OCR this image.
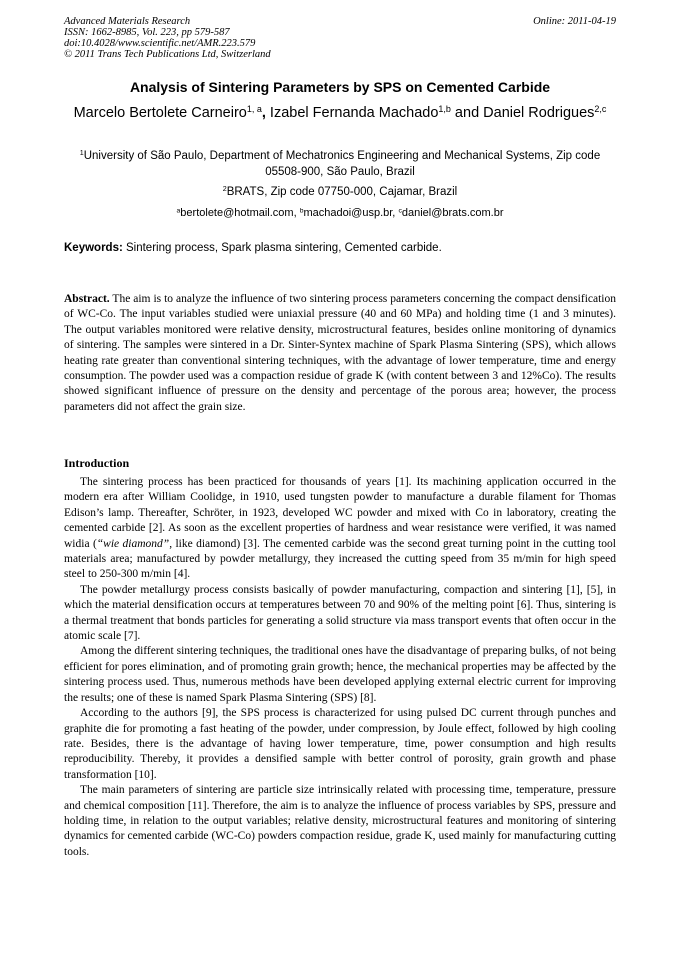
Advanced Materials Research
ISSN: 1662-8985, Vol. 223, pp 579-587
doi:10.4028/www.scientific.net/AMR.223.579
© 2011 Trans Tech Publications Ltd, Switzerland
Online: 2011-04-19
Analysis of Sintering Parameters by SPS on Cemented Carbide
Marcelo Bertolete Carneiro$^{1, a}$, Izabel Fernanda Machado$^{1,b}$ and Daniel Rodrigues$^{2,c}$
$^1$University of São Paulo, Department of Mechatronics Engineering and Mechanical Systems, Zip code 05508-900, São Paulo, Brazil
$^2$BRATS, Zip code 07750-000, Cajamar, Brazil
$^a$bertolete@hotmail.com, $^b$machadoi@usp.br, $^c$daniel@brats.com.br
Keywords: Sintering process, Spark plasma sintering, Cemented carbide.
Abstract. The aim is to analyze the influence of two sintering process parameters concerning the compact densification of WC-Co. The input variables studied were uniaxial pressure (40 and 60 MPa) and holding time (1 and 3 minutes). The output variables monitored were relative density, microstructural features, besides online monitoring of dynamics of sintering. The samples were sintered in a Dr. Sinter-Syntex machine of Spark Plasma Sintering (SPS), which allows heating rate greater than conventional sintering techniques, with the advantage of lower temperature, time and energy consumption. The powder used was a compaction residue of grade K (with content between 3 and 12%Co). The results showed significant influence of pressure on the density and percentage of the porous area; however, the process parameters did not affect the grain size.
Introduction

The sintering process has been practiced for thousands of years [1]. Its machining application occurred in the modern era after William Coolidge, in 1910, used tungsten powder to manufacture a durable filament for Thomas Edison’s lamp. Thereafter, Schröter, in 1923, developed WC powder and mixed with Co in laboratory, creating the cemented carbide [2]. As soon as the excellent properties of hardness and wear resistance were verified, it was named widia (“wie diamond”, like diamond) [3]. The cemented carbide was the second great turning point in the cutting tool materials area; manufactured by powder metallurgy, they increased the cutting speed from 35 m/min for high speed steel to 250-300 m/min [4].

The powder metallurgy process consists basically of powder manufacturing, compaction and sintering [1], [5], in which the material densification occurs at temperatures between 70 and 90% of the melting point [6]. Thus, sintering is a thermal treatment that bonds particles for generating a solid structure via mass transport events that often occur in the atomic scale [7].

Among the different sintering techniques, the traditional ones have the disadvantage of preparing bulks, of not being efficient for pores elimination, and of promoting grain growth; hence, the mechanical properties may be affected by the sintering process used. Thus, numerous methods have been developed applying external electric current for improving the results; one of these is named Spark Plasma Sintering (SPS) [8].

According to the authors [9], the SPS process is characterized for using pulsed DC current through punches and graphite die for promoting a fast heating of the powder, under compression, by Joule effect, followed by high cooling rate. Besides, there is the advantage of having lower temperature, time, power consumption and high results reproducibility. Thereby, it provides a densified sample with better control of porosity, grain growth and phase transformation [10].

The main parameters of sintering are particle size intrinsically related with processing time, temperature, pressure and chemical composition [11]. Therefore, the aim is to analyze the influence of process variables by SPS, pressure and holding time, in relation to the output variables; relative density, microstructural features and monitoring of sintering dynamics for cemented carbide (WC-Co) powders compaction residue, grade K, used mainly for manufacturing cutting tools.
